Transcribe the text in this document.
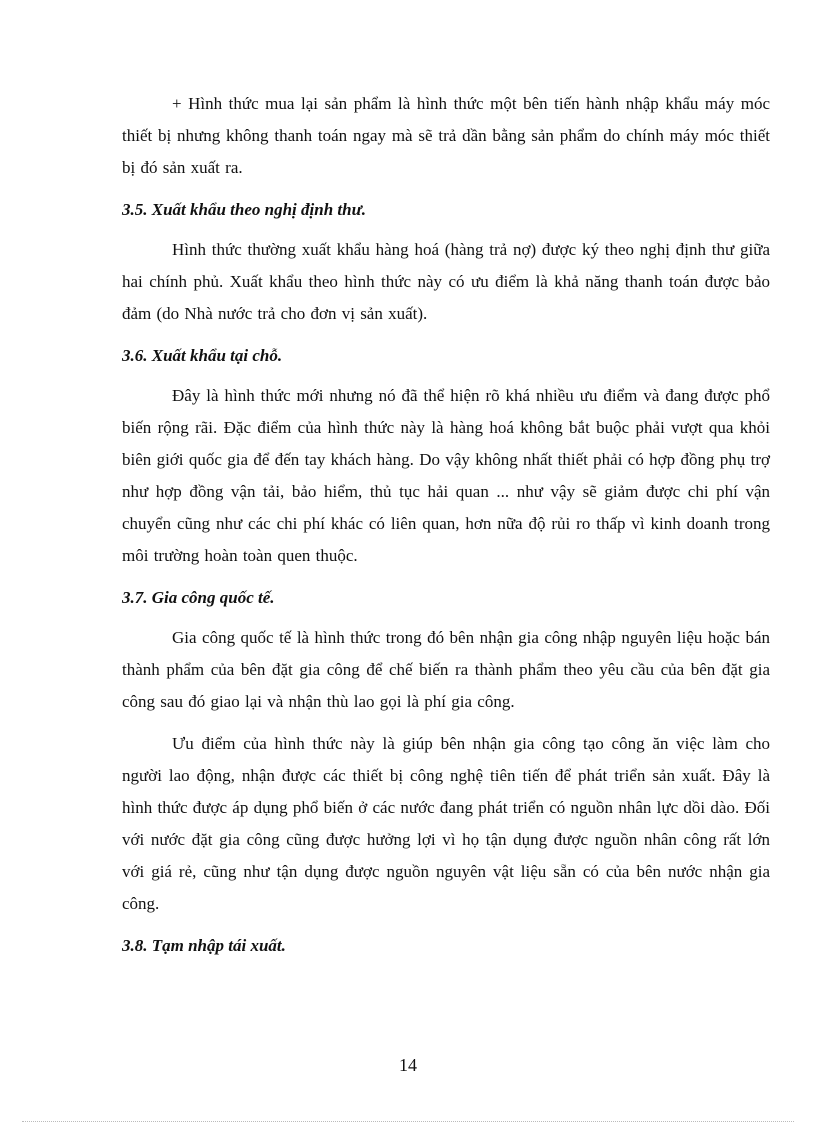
+ Hình thức mua lại sản phẩm là hình thức một bên tiến hành nhập khẩu máy móc thiết bị nhưng không thanh toán ngay mà sẽ trả dần bằng sản phẩm do chính máy móc thiết bị đó sản xuất ra.

3.5. Xuất khẩu theo nghị định thư.

Hình thức thường xuất khẩu hàng hoá (hàng trả nợ) được ký theo nghị định thư giữa hai chính phủ. Xuất khẩu theo hình thức này có ưu điểm là khả năng thanh toán được bảo đảm (do Nhà nước trả cho đơn vị sản xuất).

3.6. Xuất khẩu tại chỗ.

Đây là hình thức mới nhưng nó đã thể hiện rõ khá nhiều ưu điểm và đang được phổ biến rộng rãi. Đặc điểm của hình thức này là hàng hoá không bắt buộc phải vượt qua khỏi biên giới quốc gia để đến tay khách hàng. Do vậy không nhất thiết phải có hợp đồng phụ trợ như hợp đồng vận tải, bảo hiểm, thủ tục hải quan ... như vậy sẽ giảm được chi phí vận chuyển cũng như các chi phí khác có liên quan, hơn nữa độ rủi ro thấp vì kinh doanh trong môi trường hoàn toàn quen thuộc.

3.7. Gia công quốc tế.

Gia công quốc tế là hình thức trong đó bên nhận gia công nhập nguyên liệu hoặc bán thành phẩm của bên đặt gia công để chế biến ra thành phẩm theo yêu cầu của bên đặt gia công sau đó giao lại và nhận thù lao gọi là phí gia công.

Ưu điểm của hình thức này là giúp bên nhận gia công tạo công ăn việc làm cho người lao động, nhận được các thiết bị công nghệ tiên tiến để phát triển sản xuất. Đây là hình thức được áp dụng phổ biến ở các nước đang phát triển có nguồn nhân lực dồi dào. Đối với nước đặt gia công cũng được hưởng lợi vì họ tận dụng được nguồn nhân công rất lớn với giá rẻ, cũng như tận dụng được nguồn nguyên vật liệu sẵn có của bên nước nhận gia công.

3.8. Tạm nhập tái xuất.

14
